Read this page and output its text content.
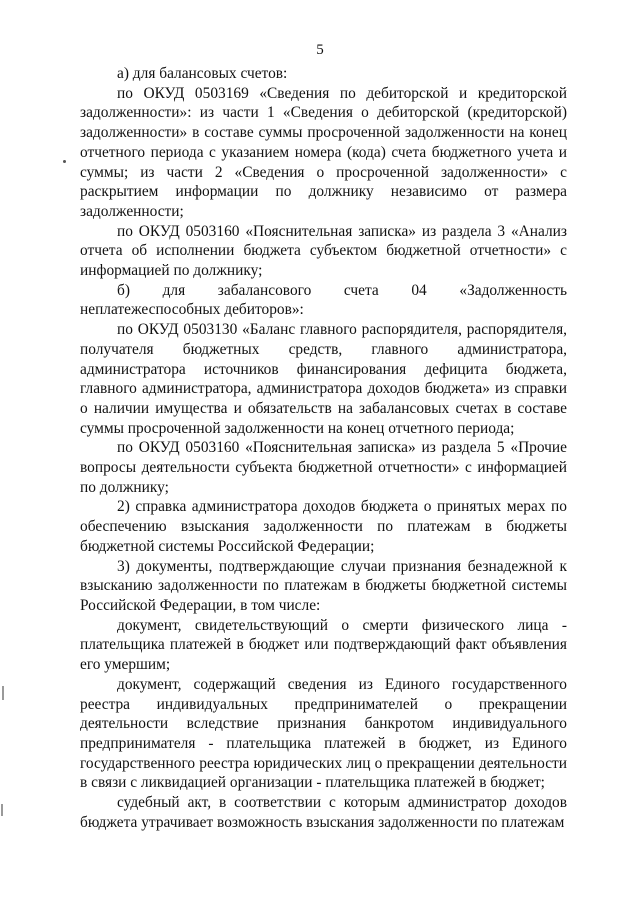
5

а) для балансовых счетов:

по ОКУД 0503169 «Сведения по дебиторской и кредиторской задолженности»: из части 1 «Сведения о дебиторской (кредиторской) задолженности» в составе суммы просроченной задолженности на конец отчетного периода с указанием номера (кода) счета бюджетного учета и суммы; из части 2 «Сведения о просроченной задолженности» с раскрытием информации по должнику независимо от размера задолженности;

по ОКУД 0503160 «Пояснительная записка» из раздела 3 «Анализ отчета об исполнении бюджета субъектом бюджетной отчетности» с информацией по должнику;

б) для забалансового счета 04 «Задолженность неплатежеспособных дебиторов»:

по ОКУД 0503130 «Баланс главного распорядителя, распорядителя, получателя бюджетных средств, главного администратора, администратора источников финансирования дефицита бюджета, главного администратора, администратора доходов бюджета» из справки о наличии имущества и обязательств на забалансовых счетах в составе суммы просроченной задолженности на конец отчетного периода;

по ОКУД 0503160 «Пояснительная записка» из раздела 5 «Прочие вопросы деятельности субъекта бюджетной отчетности» с информацией по должнику;

2) справка администратора доходов бюджета о принятых мерах по обеспечению взыскания задолженности по платежам в бюджеты бюджетной системы Российской Федерации;

3) документы, подтверждающие случаи признания безнадежной к взысканию задолженности по платежам в бюджеты бюджетной системы Российской Федерации, в том числе:

документ, свидетельствующий о смерти физического лица - плательщика платежей в бюджет или подтверждающий факт объявления его умершим;

документ, содержащий сведения из Единого государственного реестра индивидуальных предпринимателей о прекращении деятельности вследствие признания банкротом индивидуального предпринимателя - плательщика платежей в бюджет, из Единого государственного реестра юридических лиц о прекращении деятельности в связи с ликвидацией организации - плательщика платежей в бюджет;

судебный акт, в соответствии с которым администратор доходов бюджета утрачивает возможность взыскания задолженности по платежам
